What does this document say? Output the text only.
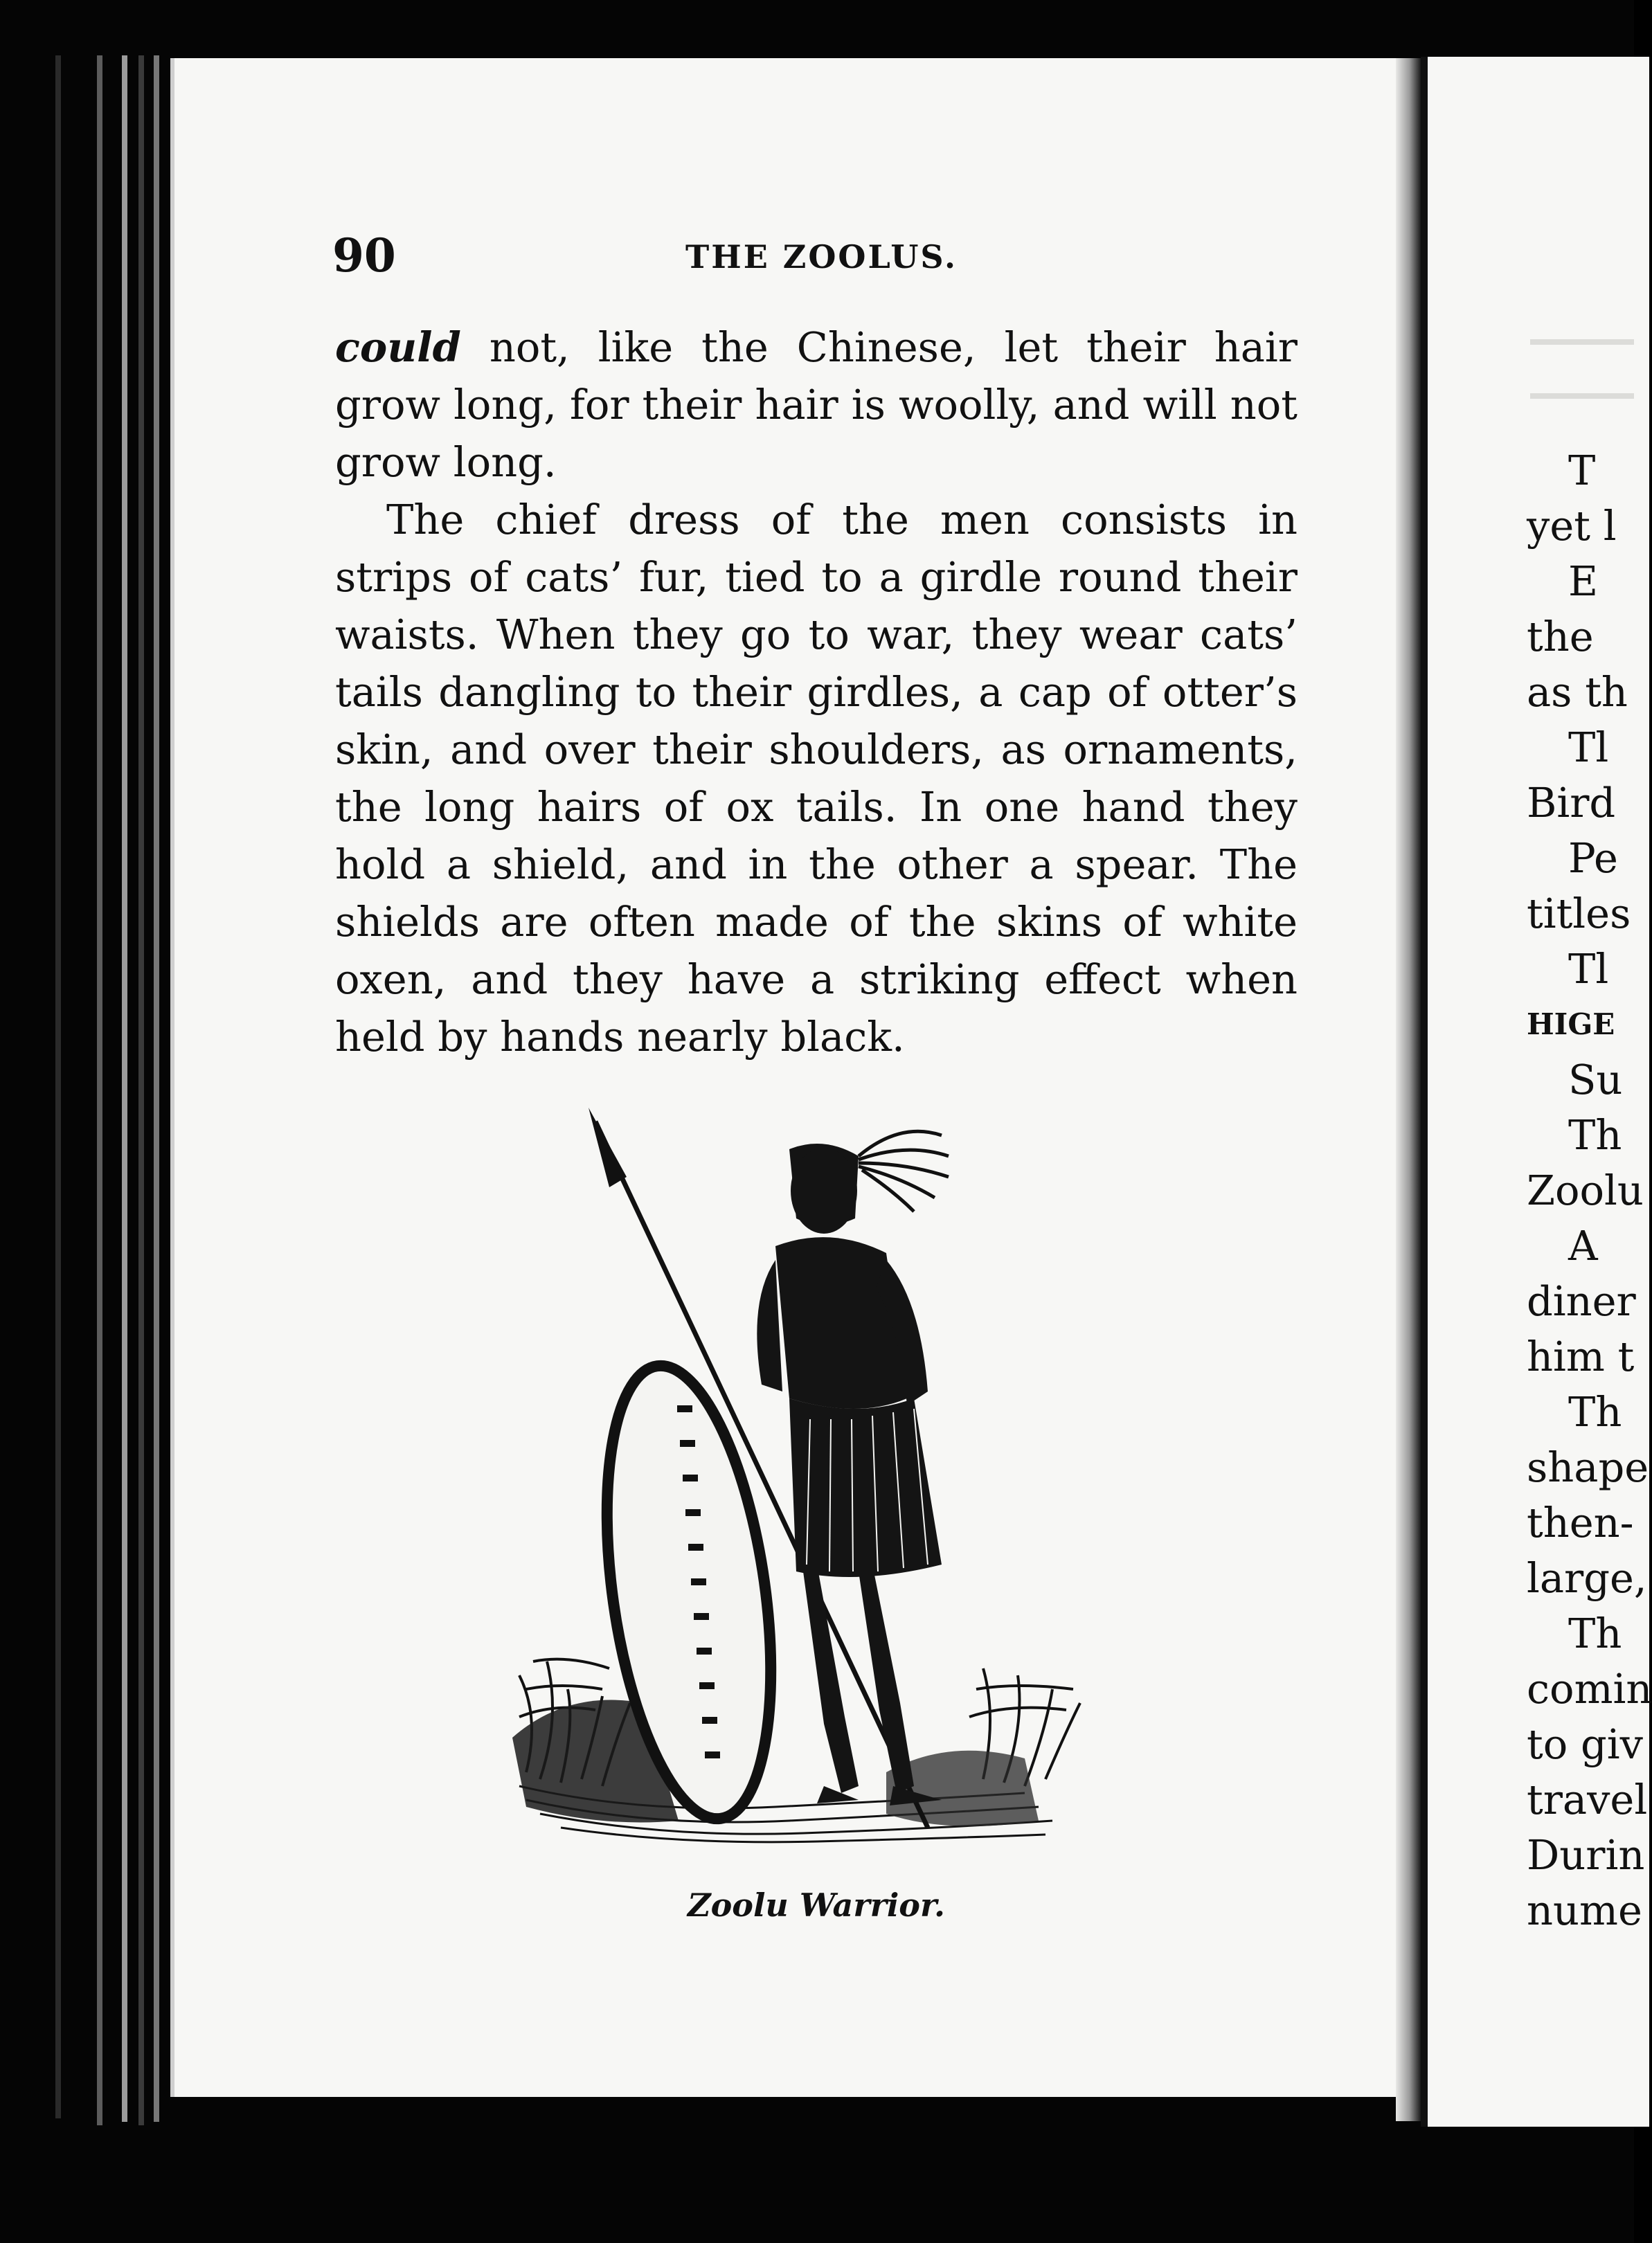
90	THE ZOOLUS.

could not, like the Chinese, let their hair grow long, for their hair is woolly, and will not grow long.

The chief dress of the men consists in strips of cats’ fur, tied to a girdle round their waists. When they go to war, they wear cats’ tails dangling to their girdles, a cap of otter’s skin, and over their shoulders, as ornaments, the long hairs of ox tails. In one hand they hold a shield, and in the other a spear. The shields are often made of the skins of white oxen, and they have a striking effect when held by hands nearly black.

Zoolu Warrior.
T
yet l
E
the
as th
Tl
Bird
Pe
titles
Tl
HIGE
Su
Th
Zoolu
A
diner
him t
Th
shape
then-
large,
Th
comin
to giv
travel
Durin
nume
